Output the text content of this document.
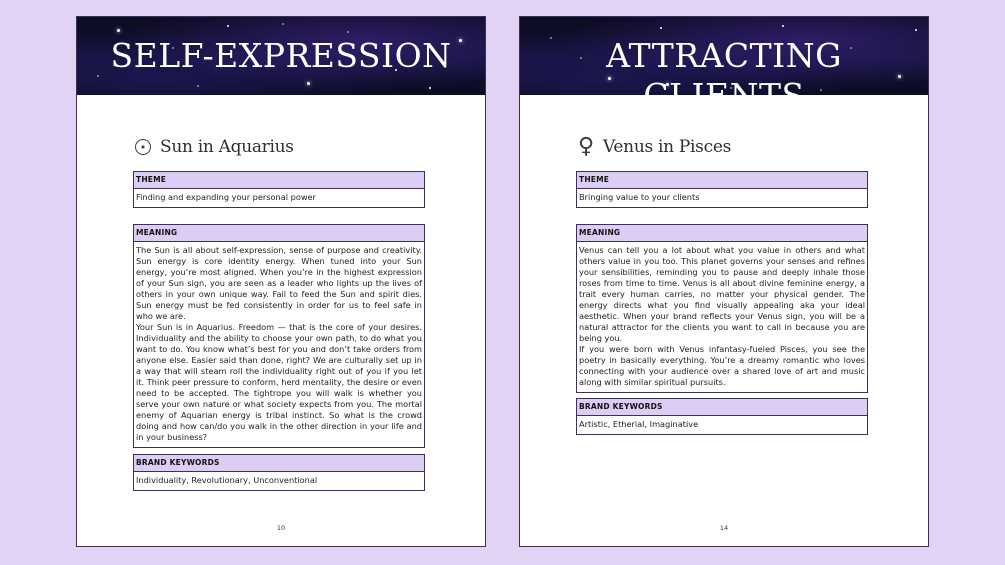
SELF-EXPRESSION
Sun in Aquarius
THEME
Finding and expanding your personal power
MEANING

The Sun is all about self-expression, sense of purpose and creativity. Sun energy is core identity energy. When tuned into your Sun energy, you’re most aligned. When you’re in the highest expression of your Sun sign, you are seen as a leader who lights up the lives of others in your own unique way. Fail to feed the Sun and spirit dies. Sun energy must be fed consistently in order for us to feel safe in who we are.

Your Sun is in Aquarius. Freedom — that is the core of your desires. Individuality and the ability to choose your own path, to do what you want to do. You know what’s best for you and don’t take orders from anyone else. Easier said than done, right? We are culturally set up in a way that will steam roll the individuality right out of you if you let it. Think peer pressure to conform, herd mentality, the desire or even need to be accepted. The tightrope you will walk is whether you serve your own nature or what society expects from you. The mortal enemy of Aquarian energy is tribal instinct. So what is the crowd doing and how can/do you walk in the other direction in your life and in your business?

BRAND KEYWORDS
Individuality, Revolutionary, Unconventional
10
ATTRACTING CLIENTS
♀ Venus in Pisces
THEME
Bringing value to your clients
MEANING

Venus can tell you a lot about what you value in others and what others value in you too. This planet governs your senses and refines your sensibilities, reminding you to pause and deeply inhale those roses from time to time. Venus is all about divine feminine energy, a trait every human carries, no matter your physical gender. The energy directs what you find visually appealing aka your ideal aesthetic. When your brand reflects your Venus sign, you will be a natural attractor for the clients you want to call in because you are being you.

If you were born with Venus infantasy-fueled Pisces, you see the poetry in basically everything. You’re a dreamy romantic who loves connecting with your audience over a shared love of art and music along with similar spiritual pursuits.

BRAND KEYWORDS
Artistic, Etherial, Imaginative
14
